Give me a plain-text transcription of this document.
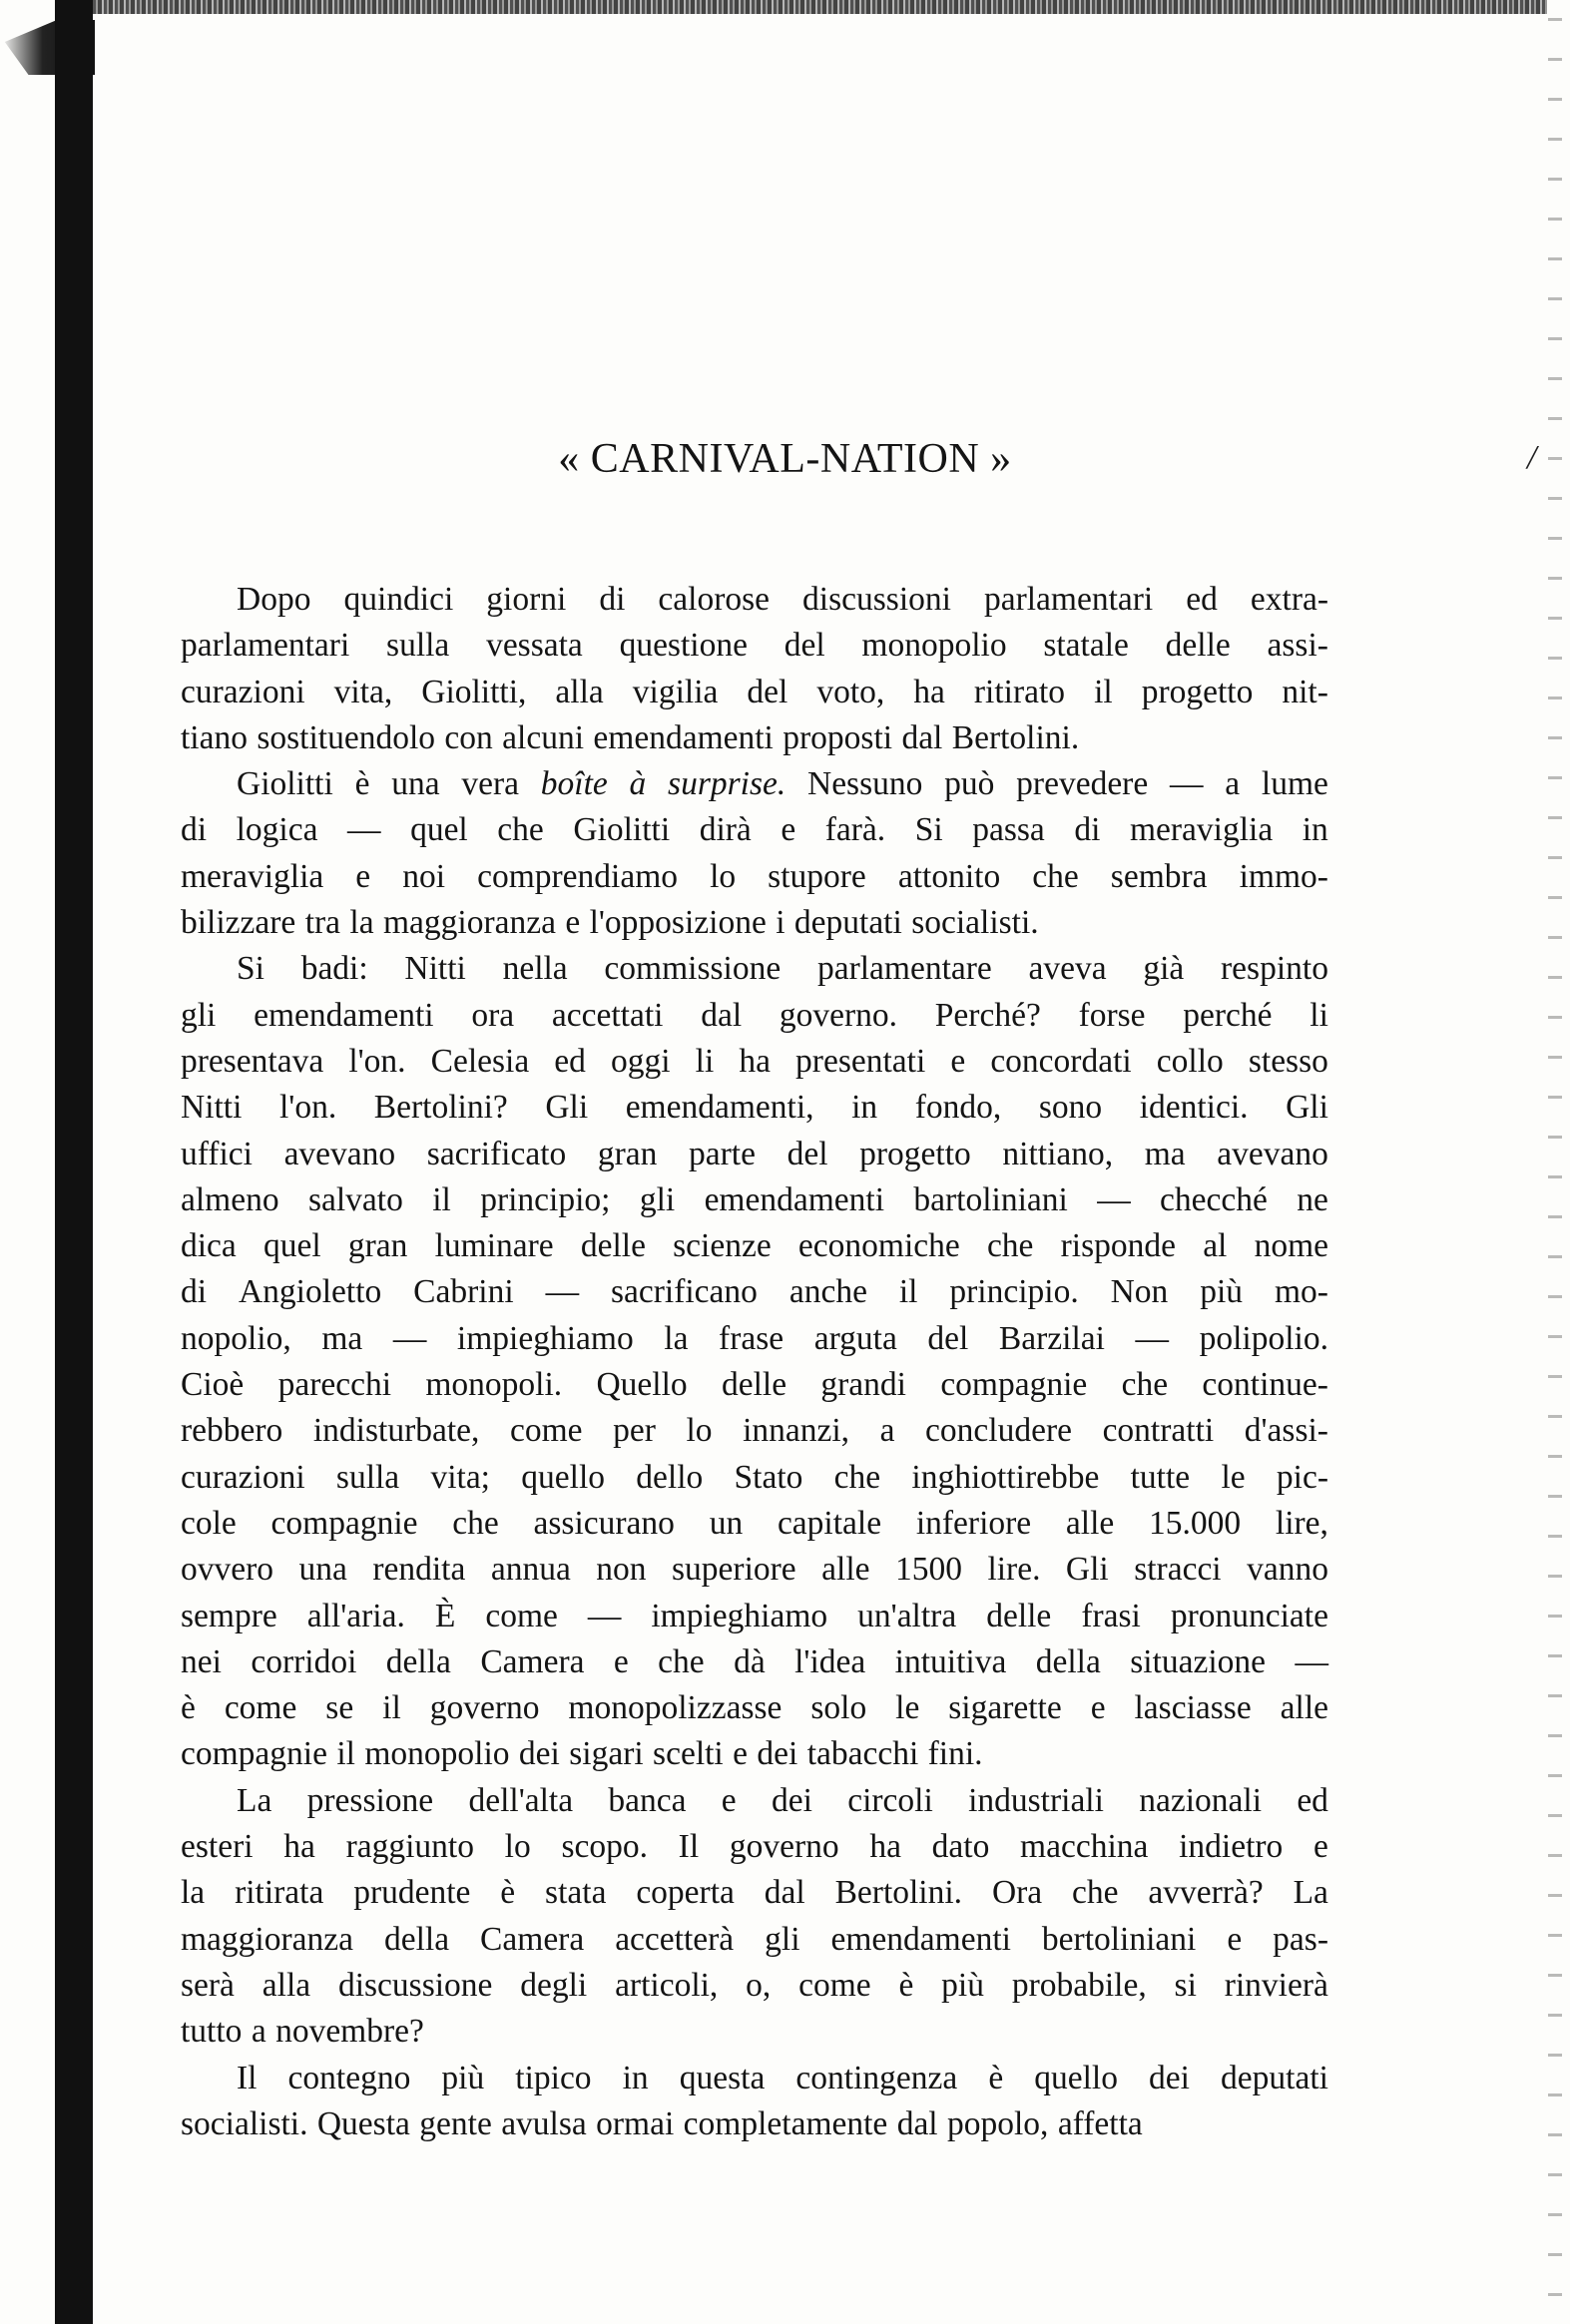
/
« CARNIVAL-NATION »
Dopo quindici giorni di calorose discussioni parlamentari ed extra-
parlamentari sulla vessata questione del monopolio statale delle assi-
curazioni vita, Giolitti, alla vigilia del voto, ha ritirato il progetto nit-
tiano sostituendolo con alcuni emendamenti proposti dal Bertolini.
Giolitti è una vera boîte à surprise. Nessuno può prevedere — a lume
di logica — quel che Giolitti dirà e farà. Si passa di meraviglia in
meraviglia e noi comprendiamo lo stupore attonito che sembra immo-
bilizzare tra la maggioranza e l'opposizione i deputati socialisti.
Si badi: Nitti nella commissione parlamentare aveva già respinto
gli emendamenti ora accettati dal governo. Perché? forse perché li
presentava l'on. Celesia ed oggi li ha presentati e concordati collo stesso
Nitti l'on. Bertolini? Gli emendamenti, in fondo, sono identici. Gli
uffici avevano sacrificato gran parte del progetto nittiano, ma avevano
almeno salvato il principio; gli emendamenti bartoliniani — checché ne
dica quel gran luminare delle scienze economiche che risponde al nome
di Angioletto Cabrini — sacrificano anche il principio. Non più mo-
nopolio, ma — impieghiamo la frase arguta del Barzilai — polipolio.
Cioè parecchi monopoli. Quello delle grandi compagnie che continue-
rebbero indisturbate, come per lo innanzi, a concludere contratti d'assi-
curazioni sulla vita; quello dello Stato che inghiottirebbe tutte le pic-
cole compagnie che assicurano un capitale inferiore alle 15.000 lire,
ovvero una rendita annua non superiore alle 1500 lire. Gli stracci vanno
sempre all'aria. È come — impieghiamo un'altra delle frasi pronunciate
nei corridoi della Camera e che dà l'idea intuitiva della situazione —
è come se il governo monopolizzasse solo le sigarette e lasciasse alle
compagnie il monopolio dei sigari scelti e dei tabacchi fini.
La pressione dell'alta banca e dei circoli industriali nazionali ed
esteri ha raggiunto lo scopo. Il governo ha dato macchina indietro e
la ritirata prudente è stata coperta dal Bertolini. Ora che avverrà? La
maggioranza della Camera accetterà gli emendamenti bertoliniani e pas-
serà alla discussione degli articoli, o, come è più probabile, si rinvierà
tutto a novembre?
Il contegno più tipico in questa contingenza è quello dei deputati
socialisti. Questa gente avulsa ormai completamente dal popolo, affetta
